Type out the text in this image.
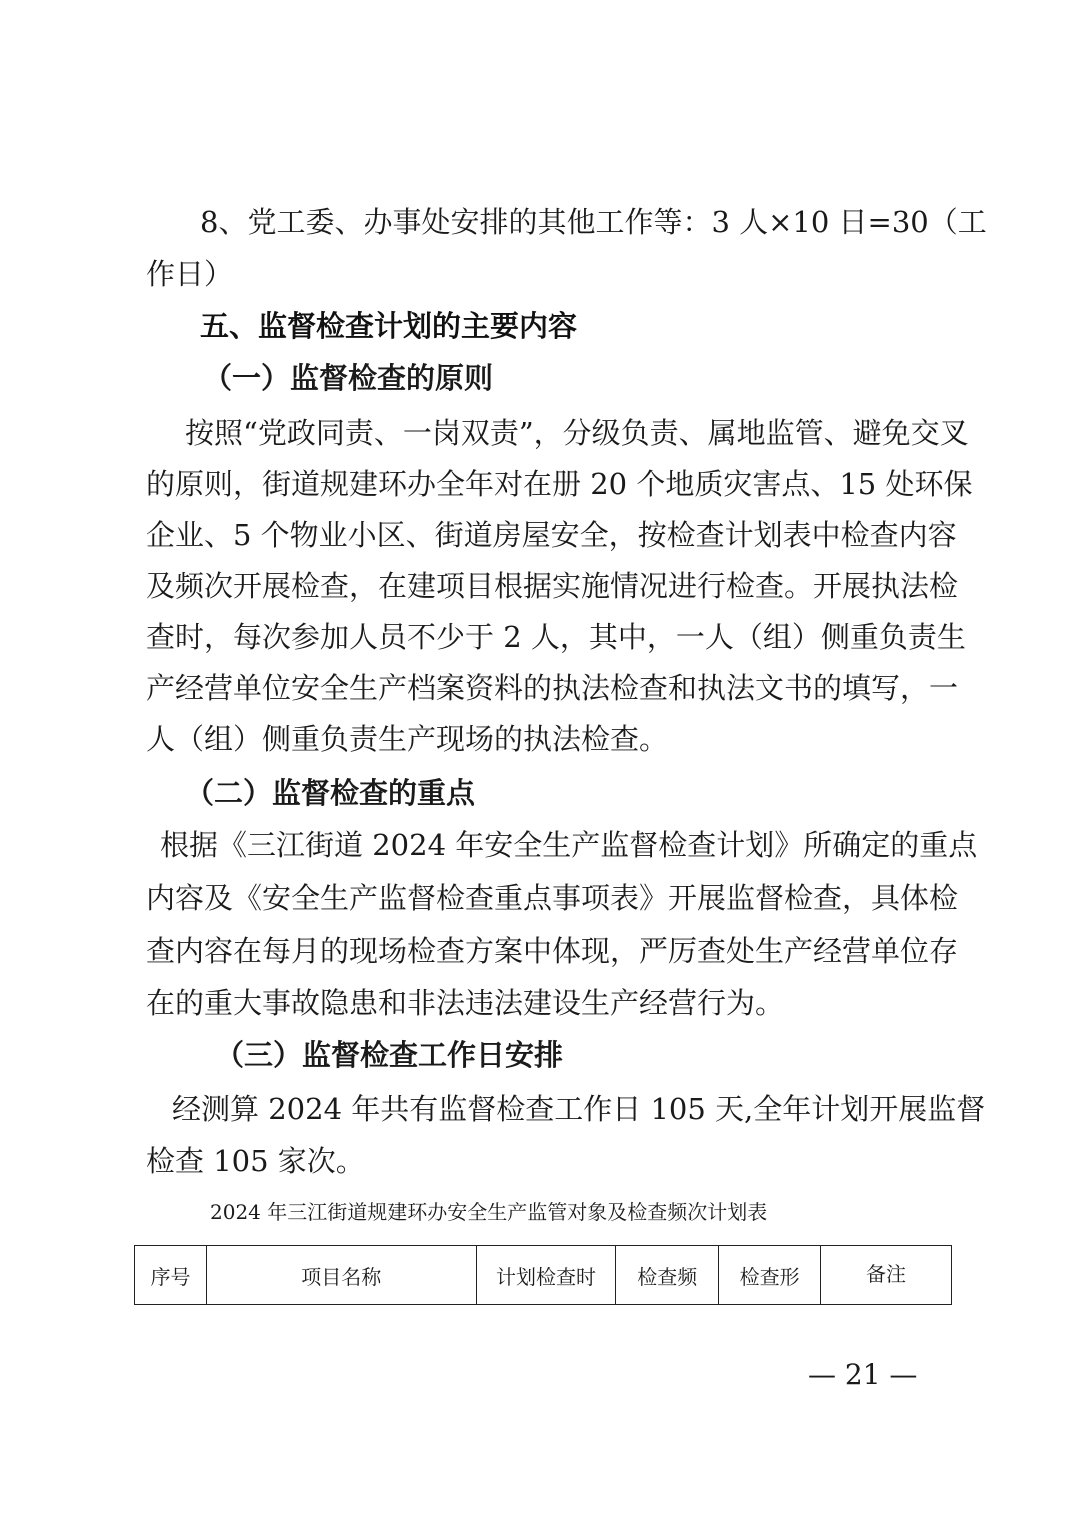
8、党工委、办事处安排的其他工作等：3 人×10 日=30（工
作日）
五、监督检查计划的主要内容
（一）监督检查的原则
按照“党政同责、一岗双责”，分级负责、属地监管、避免交叉
的原则，街道规建环办全年对在册 20 个地质灾害点、15 处环保
企业、5 个物业小区、街道房屋安全，按检查计划表中检查内容
及频次开展检查，在建项目根据实施情况进行检查。开展执法检
查时，每次参加人员不少于 2 人，其中，一人（组）侧重负责生
产经营单位安全生产档案资料的执法检查和执法文书的填写，一
人（组）侧重负责生产现场的执法检查。
（二）监督检查的重点
根据《三江街道 2024 年安全生产监督检查计划》所确定的重点
内容及《安全生产监督检查重点事项表》开展监督检查，具体检
查内容在每月的现场检查方案中体现，严厉查处生产经营单位存
在的重大事故隐患和非法违法建设生产经营行为。
（三）监督检查工作日安排
经测算 2024 年共有监督检查工作日 105 天,全年计划开展监督
检查 105 家次。
2024 年三江街道规建环办安全生产监管对象及检查频次计划表
序号	项目名称	计划检查时	检查频	检查形	备注
— 21 —
